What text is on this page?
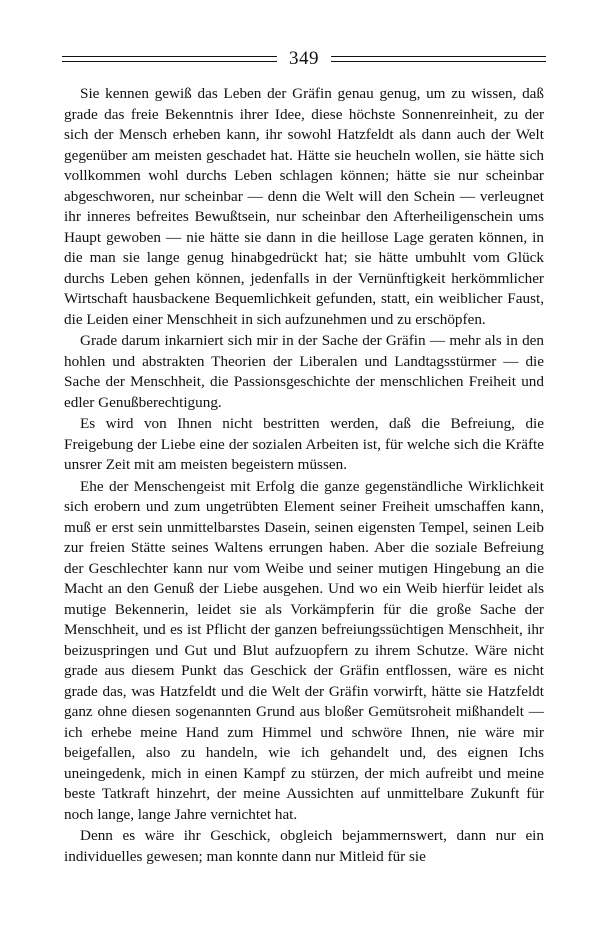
349

Sie kennen gewiß das Leben der Gräfin genau genug, um zu wissen, daß grade das freie Bekenntnis ihrer Idee, diese höchste Sonnenreinheit, zu der sich der Mensch erheben kann, ihr sowohl Hatzfeldt als dann auch der Welt gegenüber am meisten geschadet hat. Hätte sie heucheln wollen, sie hätte sich vollkommen wohl durchs Leben schlagen können; hätte sie nur scheinbar abgeschworen, nur scheinbar — denn die Welt will den Schein — verleugnet ihr inneres befreites Bewußtsein, nur scheinbar den Afterheiligenschein ums Haupt gewoben — nie hätte sie dann in die heillose Lage geraten können, in die man sie lange genug hinabgedrückt hat; sie hätte umbuhlt vom Glück durchs Leben gehen können, jedenfalls in der Vernünftigkeit herkömmlicher Wirtschaft hausbackene Bequemlichkeit gefunden, statt, ein weiblicher Faust, die Leiden einer Menschheit in sich aufzunehmen und zu erschöpfen.

Grade darum inkarniert sich mir in der Sache der Gräfin — mehr als in den hohlen und abstrakten Theorien der Liberalen und Landtagsstürmer — die Sache der Menschheit, die Passionsgeschichte der menschlichen Freiheit und edler Genußberechtigung.

Es wird von Ihnen nicht bestritten werden, daß die Befreiung, die Freigebung der Liebe eine der sozialen Arbeiten ist, für welche sich die Kräfte unsrer Zeit mit am meisten begeistern müssen.

Ehe der Menschengeist mit Erfolg die ganze gegenständliche Wirklichkeit sich erobern und zum ungetrübten Element seiner Freiheit umschaffen kann, muß er erst sein unmittelbarstes Dasein, seinen eigensten Tempel, seinen Leib zur freien Stätte seines Waltens errungen haben. Aber die soziale Befreiung der Geschlechter kann nur vom Weibe und seiner mutigen Hingebung an die Macht an den Genuß der Liebe ausgehen. Und wo ein Weib hierfür leidet als mutige Bekennerin, leidet sie als Vorkämpferin für die große Sache der Menschheit, und es ist Pflicht der ganzen befreiungssüchtigen Menschheit, ihr beizuspringen und Gut und Blut aufzuopfern zu ihrem Schutze. Wäre nicht grade aus diesem Punkt das Geschick der Gräfin entflossen, wäre es nicht grade das, was Hatzfeldt und die Welt der Gräfin vorwirft, hätte sie Hatzfeldt ganz ohne diesen sogenannten Grund aus bloßer Gemütsroheit mißhandelt — ich erhebe meine Hand zum Himmel und schwöre Ihnen, nie wäre mir beigefallen, also zu handeln, wie ich gehandelt und, des eignen Ichs uneingedenk, mich in einen Kampf zu stürzen, der mich aufreibt und meine beste Tatkraft hinzehrt, der meine Aussichten auf unmittelbare Zukunft für noch lange, lange Jahre vernichtet hat.

Denn es wäre ihr Geschick, obgleich bejammernswert, dann nur ein individuelles gewesen; man konnte dann nur Mitleid für sie
